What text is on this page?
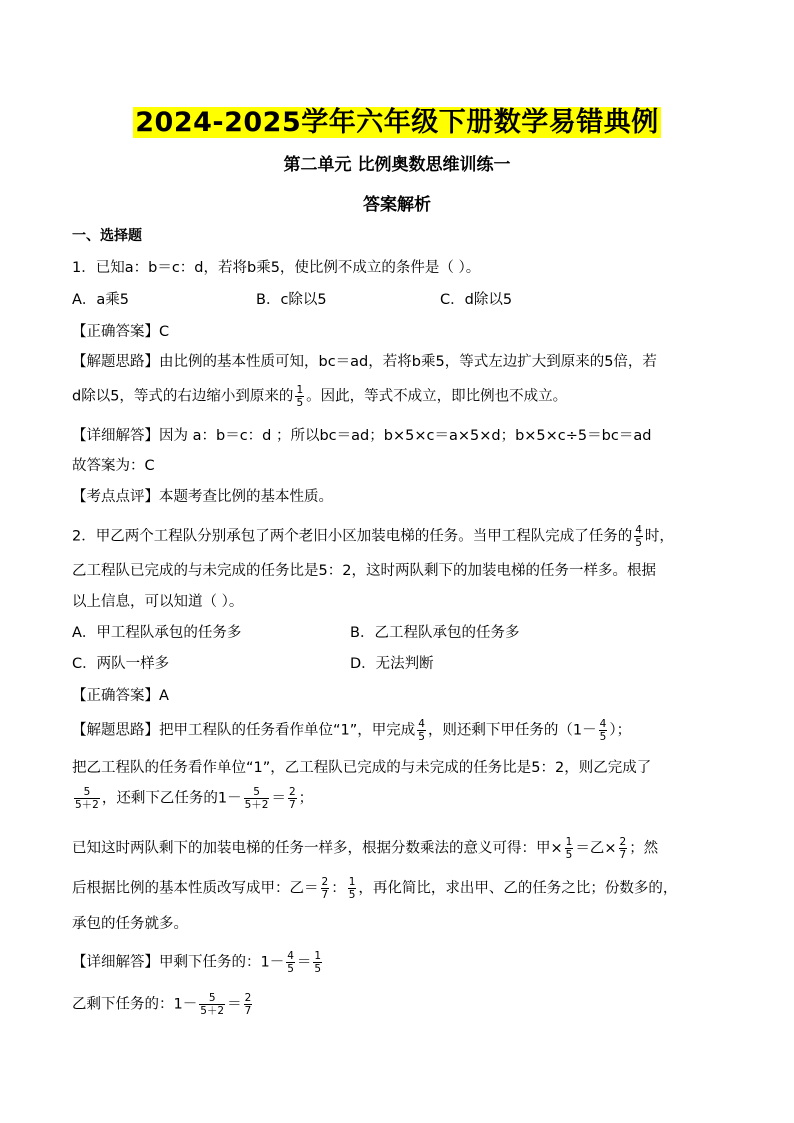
2024-2025学年六年级下册数学易错典例
第二单元 比例奥数思维训练一
答案解析
一、选择题
1．已知a：b＝c：d，若将b乘5，使比例不成立的条件是（ ）。
A．a乘5	B．c除以5	C．d除以5
【正确答案】C
【解题思路】由比例的基本性质可知，bc＝ad，若将b乘5，等式左边扩大到原来的5倍，若
d除以5，等式的右边缩小到原来的 $\frac{1}{5}$ 。因此，等式不成立，即比例也不成立。
【详细解答】因为 a：b＝c：d ；所以bc＝ad；b×5×c＝a×5×d；b×5×c÷5＝bc＝ad
故答案为：C
【考点点评】本题考查比例的基本性质。
2．甲乙两个工程队分别承包了两个老旧小区加装电梯的任务。当甲工程队完成了任务的 $\frac{4}{5}$ 时，
乙工程队已完成的与未完成的任务比是5：2，这时两队剩下的加装电梯的任务一样多。根据
以上信息，可以知道（ ）。
A．甲工程队承包的任务多	B．乙工程队承包的任务多
C．两队一样多	D．无法判断
【正确答案】A
【解题思路】把甲工程队的任务看作单位“1”，甲完成 $\frac{4}{5}$ ，则还剩下甲任务的（$1- \frac{4}{5}$ ）；
把乙工程队的任务看作单位“1”，乙工程队已完成的与未完成的任务比是5：2，则乙完成了
$\frac{5}{5+2}$ ，还剩下乙任务的$1- \frac{5}{5+2} = \frac{2}{7}$ ；
已知这时两队剩下的加装电梯的任务一样多，根据分数乘法的意义可得：甲× $\frac{1}{5}$ ＝乙× $\frac{2}{7}$ ；然
后根据比例的基本性质改写成甲：乙＝ $\frac{2}{7}$ ： $\frac{1}{5}$ ，再化简比，求出甲、乙的任务之比；份数多的，
承包的任务就多。
【详细解答】甲剩下任务的：$1- \frac{4}{5} = \frac{1}{5}$
乙剩下任务的：$1- \frac{5}{5+2} = \frac{2}{7}$
